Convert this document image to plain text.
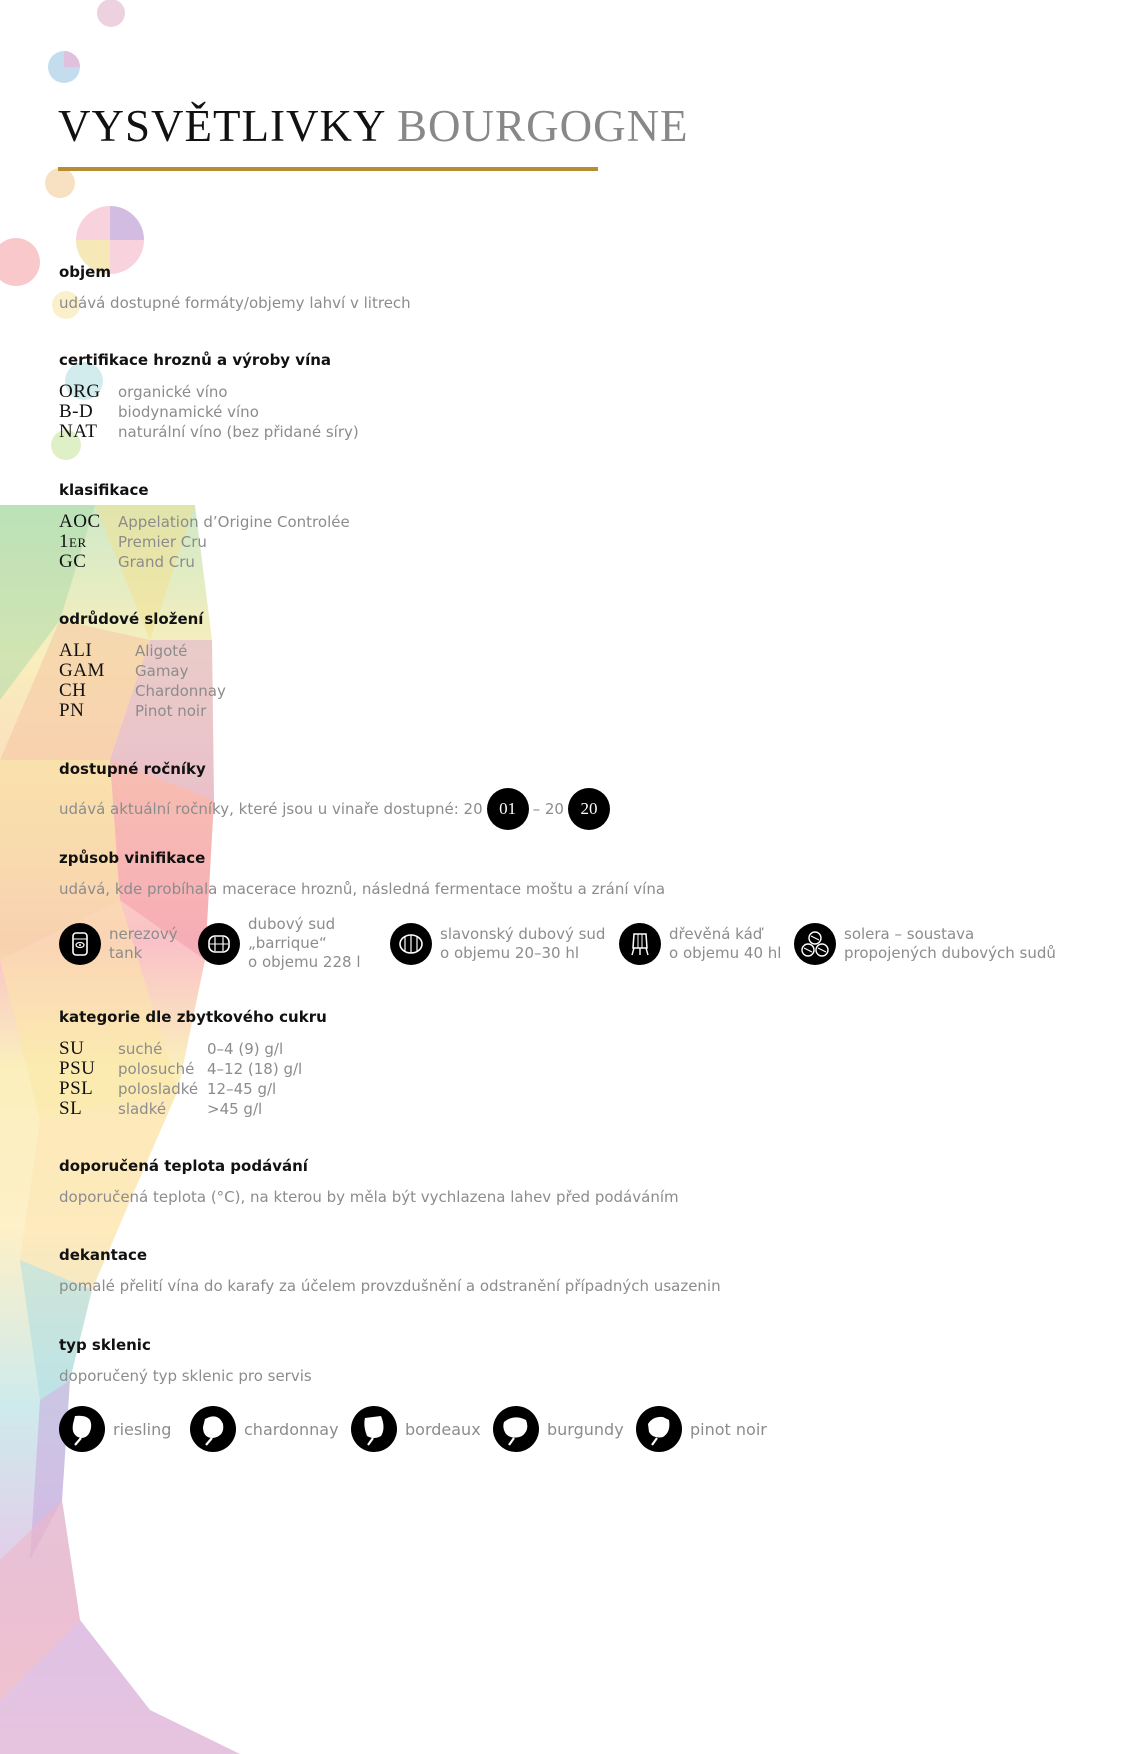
VYSVĚTLIVKY BOURGOGNE
objem
udává dostupné formáty/objemy lahví v litrech
certifikace hroznů a výroby vína
ORG	organické víno
B-D	biodynamické víno
NAT	naturální víno (bez přidané síry)
klasifikace
AOC	Appelation d’Origine Controlée
1er	Premier Cru
GC	Grand Cru
odrůdové složení
ALI	Aligoté
GAM	Gamay
CH	Chardonnay
PN	Pinot noir
dostupné ročníky
udává aktuální ročníky, které jsou u vinaře dostupné: 20 01	– 20 20
způsob vinifikace
udává, kde probíhala macerace hroznů, následná fermentace moštu a zrání vína
nerezový
tank
dubový sud
„barrique“
o objemu 228 l
slavonský dubový sud
o objemu 20–30 hl
dřevěná káď
o objemu 40 hl
solera – soustava
propojených dubových sudů
kategorie dle zbytkového cukru
SU	suché	0–4 (9) g/l
PSU	polosuché 4–12 (18) g/l
PSL	polosladké 12–45 g/l
SL	sladké	>45 g/l
doporučená teplota podávání
doporučená teplota (°C), na kterou by měla být vychlazena lahev před podáváním
dekantace
pomalé přelití vína do karafy za účelem provzdušnění a odstranění případných usazenin
typ sklenic
doporučený typ sklenic pro servis
riesling	chardonnay	bordeaux	burgundy	pinot noir
